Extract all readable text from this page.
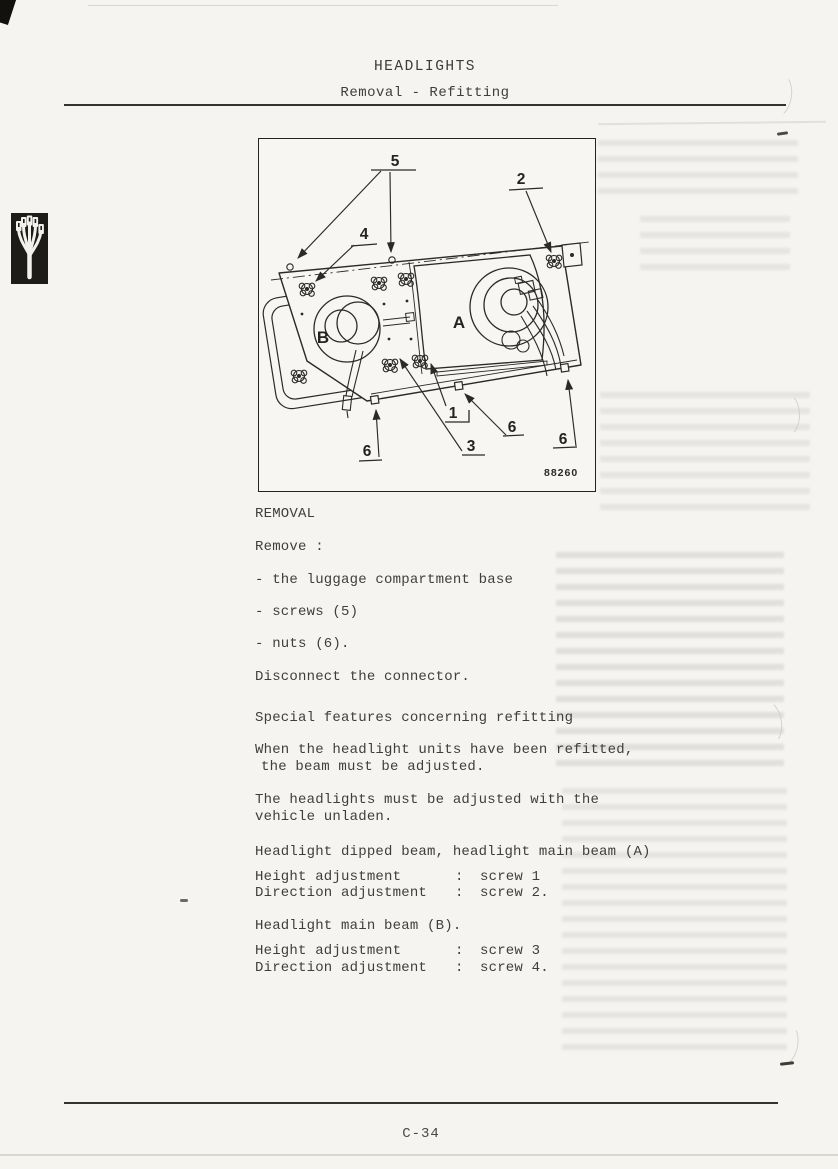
HEADLIGHTS
Removal - Refitting
5
2
4
1
3
6
6
6
A
B
88260
REMOVAL
Remove :
- the luggage compartment base
- screws (5)
- nuts (6).
Disconnect the connector.
Special features concerning refitting
When the headlight units have been refitted,
the beam must be adjusted.
The headlights must be adjusted with the
vehicle unladen.
Headlight dipped beam, headlight main beam (A)
Height adjustment	:	screw 1
Direction adjustment	:	screw 2.
Headlight main beam (B).
Height adjustment	:	screw 3
Direction adjustment	:	screw 4.
C-34
